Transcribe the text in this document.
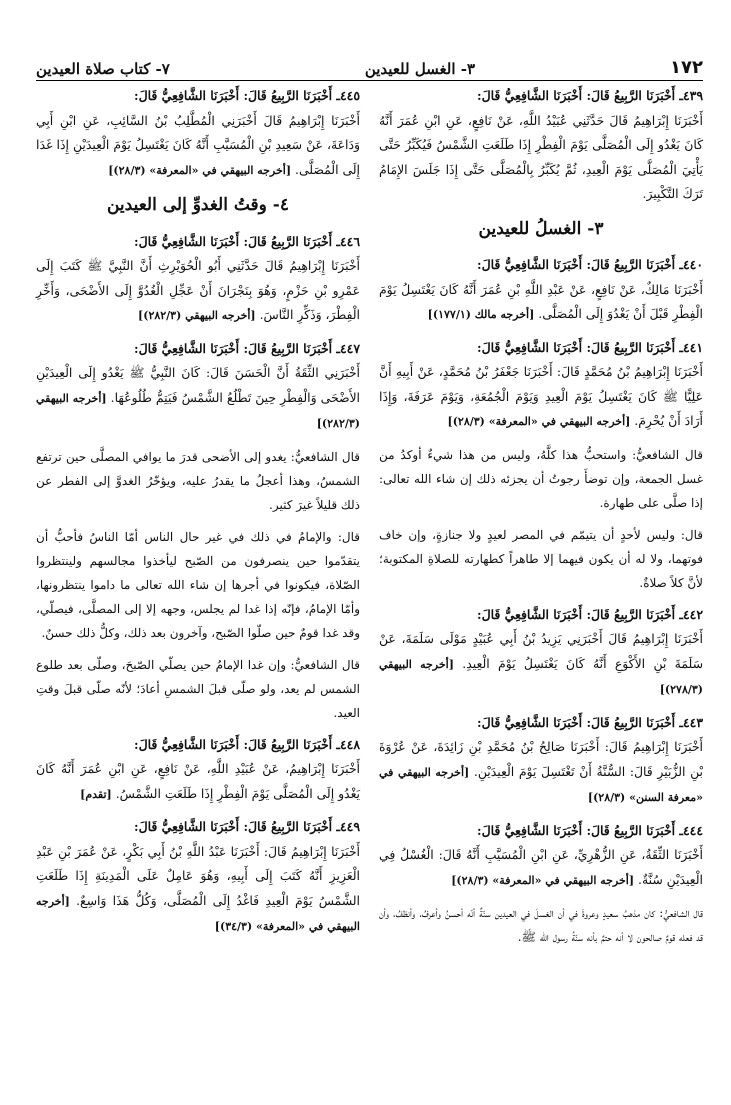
١٧٢
٣- الغسل للعيدين
٧- كتاب صلاة العيدين

٤٣٩ـ أَخْبَرَنَا الرَّبِيعُ قَالَ: أَخْبَرَنَا الشَّافِعِيُّ قَالَ:
أَخْبَرَنَا إِبْرَاهِيمُ قَالَ حَدَّثَنِي عُبَيْدُ اللَّهِ، عَنْ نَافِعٍ، عَنِ ابْنِ عُمَرَ أَنَّهُ كَانَ يَغْدُو إِلَى الْمُصَلَّى يَوْمَ الْفِطْرِ إِذَا طَلَعَتِ الشَّمْسُ فَيُكَبِّرُ حَتَّى يَأْتِيَ الْمُصَلَّى يَوْمَ الْعِيدِ، ثُمَّ يُكَبِّرُ بِالْمُصَلَّى حَتَّى إِذَا جَلَسَ الإِمَامُ تَرَكَ التَّكْبِيرَ.

٣- الغسلُ للعيدين

٤٤٠ـ أَخْبَرَنَا الرَّبِيعُ قَالَ: أَخْبَرَنَا الشَّافِعِيُّ قَالَ:
أَخْبَرَنَا مَالِكٌ، عَنْ نَافِعٍ، عَنْ عَبْدِ اللَّهِ بْنِ عُمَرَ أَنَّهُ كَانَ يَغْتَسِلُ يَوْمَ الْفِطْرِ قَبْلَ أَنْ يَغْدُوَ إِلَى الْمُصَلَّى. [أخرجه مالك (١٧٧/١)]

٤٤١ـ أَخْبَرَنَا الرَّبِيعُ قَالَ: أَخْبَرَنَا الشَّافِعِيُّ قَالَ:
أَخْبَرَنَا إِبْرَاهِيمُ بْنُ مُحَمَّدٍ قَالَ: أَخْبَرَنَا جَعْفَرُ بْنُ مُحَمَّدٍ، عَنْ أَبِيهِ أَنَّ عَلِيًّا ﷺ كَانَ يَغْتَسِلُ يَوْمَ الْعِيدِ وَيَوْمَ الْجُمُعَةِ، وَيَوْمَ عَرَفَةَ، وَإِذَا أَرَادَ أَنْ يُحْرِمَ. [أخرجه البيهقي في «المعرفة» (٢٨/٣)]

قال الشافعيُّ: واستحبُّ هذا كلَّهُ، وليس من هذا شيءٌ أوكدُ من غسل الجمعة، وإن توضأَ رجوتُ أن يجزئه ذلك إن شاء الله تعالى: إذا صلَّى على طهارة.

قال: وليس لأحدٍ أن يتيمّم في المصر لعيدٍ ولا جنازةٍ، وإن خاف فوتهما، ولا له أن يكون فيهما إلا طاهراً كطهارته للصلاةِ المكتوبة؛ لأنَّ كلاً صلاةٌ.

٤٤٢ـ أَخْبَرَنَا الرَّبِيعُ قَالَ: أَخْبَرَنَا الشَّافِعِيُّ قَالَ:
أَخْبَرَنَا إِبْرَاهِيمُ قَالَ أَخْبَرَنِي يَزِيدُ بْنُ أَبِي عُبَيْدٍ مَوْلَى سَلَمَةَ، عَنْ سَلَمَةَ بْنِ الأَكْوَعِ أَنَّهُ كَانَ يَغْتَسِلُ يَوْمَ الْعِيدِ. [أخرجه البيهقي (٢٧٨/٣)]

٤٤٣ـ أَخْبَرَنَا الرَّبِيعُ قَالَ: أَخْبَرَنَا الشَّافِعِيُّ قَالَ:
أَخْبَرَنَا إِبْرَاهِيمُ قَالَ: أَخْبَرَنَا صَالِحُ بْنُ مُحَمَّدِ بْنِ زَائِدَةَ، عَنْ عُرْوَةَ بْنِ الزُّبَيْرِ قَالَ: السُّنَّةُ أَنْ تَغْتَسِلَ يَوْمَ الْعِيدَيْنِ. [أخرجه البيهقي في «معرفة السنن» (٢٨/٣)]

٤٤٤ـ أَخْبَرَنَا الرَّبِيعُ قَالَ: أَخْبَرَنَا الشَّافِعِيُّ قَالَ:
أَخْبَرَنَا الثِّقَةُ، عَنِ الزُّهْرِيِّ، عَنِ ابْنِ الْمُسَيَّبِ أَنَّهُ قَالَ: الْغُسْلُ فِي الْعِيدَيْنِ سُنَّةٌ. [أخرجه البيهقي في «المعرفة» (٢٨/٣)]

قال الشافعيُّ: كان مذهبُ سعيدٍ وعروةَ في أن الغسلَ في العيدين سنّةٌ أنّه أحسنُ وأعرفُ، وأنظفُ، وأن قد فعله قومٌ صالحون لا أنه حتمٌ بأنه سنّةُ رسول الله ﷺ.

٤٤٥ـ أَخْبَرَنَا الرَّبِيعُ قَالَ: أَخْبَرَنَا الشَّافِعِيُّ قَالَ:
أَخْبَرَنَا إِبْرَاهِيمُ قَالَ أَخْبَرَنِي الْمُطَّلِبُ بْنُ السَّائِبِ، عَنِ ابْنِ أَبِي وَدَاعَةَ، عَنْ سَعِيدِ بْنِ الْمُسَيَّبِ أَنَّهُ كَانَ يَغْتَسِلُ يَوْمَ الْعِيدَيْنِ إِذَا غَدَا إِلَى الْمُصَلَّى. [أخرجه البيهقي في «المعرفة» (٢٨/٣)]

٤- وقتُ الغدوِّ إلى العيدين

٤٤٦ـ أَخْبَرَنَا الرَّبِيعُ قَالَ: أَخْبَرَنَا الشَّافِعِيُّ قَالَ:
أَخْبَرَنَا إِبْرَاهِيمُ قَالَ حَدَّثَنِي أَبُو الْحُوَيْرِثِ أَنَّ النَّبِيَّ ﷺ كَتَبَ إِلَى عَمْرِو بْنِ حَزْمٍ، وَهُوَ بِنَجْرَانَ أَنْ عَجِّلِ الْغُدُوَّ إِلَى الأَضْحَى، وَأَخِّرِ الْفِطْرَ، وَذَكِّرِ النَّاسَ. [أخرجه البيهقي (٢٨٢/٣)]

٤٤٧ـ أَخْبَرَنَا الرَّبِيعُ قَالَ: أَخْبَرَنَا الشَّافِعِيُّ قَالَ:
أَخْبَرَنِي الثِّقَةُ أَنَّ الْحَسَنَ قَالَ: كَانَ النَّبِيُّ ﷺ يَغْدُو إِلَى الْعِيدَيْنِ الأَضْحَى وَالْفِطْرِ حِينَ تَطْلُعُ الشَّمْسُ فَيَتِمُّ طُلُوعُهَا. [أخرجه البيهقي (٢٨٢/٣)]

قال الشافعيُّ: يغدو إلى الأضحى قدرَ ما يوافي المصلَّى حين ترتفع الشمسُ، وهذا أعجلُ ما يقدرُ عليه، ويؤخّرُ الغدوَّ إلى الفطر عن ذلك قليلاً غيرَ كثير.

قال: والإمامُ في ذلك في غير حال الناس أمّا الناسُ فأحبُّ أن يتقدّموا حين ينصرفون من الصّبح ليأخذوا مجالسهم ولينتظروا الصّلاة، فيكونوا في أجرها إن شاء الله تعالى ما داموا ينتظرونها، وأمّا الإمامُ، فإنّه إذا غدا لم يجلس، وجهه إلا إلى المصلَّى، فيصلّي، وقد غدا قومٌ حين صلّوا الصّبح، وآخرون بعد ذلك، وكلُّ ذلك حسنٌ.

قال الشافعيُّ: وإن غدا الإمامُ حين يصلّي الصّبحَ، وصلّى بعد طلوع الشمس لم يعد، ولو صلّى قبلَ الشمسِ أعادَ؛ لأنّه صلّى قبلَ وقتِ العيد.

٤٤٨ـ أَخْبَرَنَا الرَّبِيعُ قَالَ: أَخْبَرَنَا الشَّافِعِيُّ قَالَ:
أَخْبَرَنَا إِبْرَاهِيمُ، عَنْ عُبَيْدِ اللَّهِ، عَنْ نَافِعٍ، عَنِ ابْنِ عُمَرَ أَنَّهُ كَانَ يَغْدُو إِلَى الْمُصَلَّى يَوْمَ الْفِطْرِ إِذَا طَلَعَتِ الشَّمْسُ. [تقدم]

٤٤٩ـ أَخْبَرَنَا الرَّبِيعُ قَالَ: أَخْبَرَنَا الشَّافِعِيُّ قَالَ:
أَخْبَرَنَا إِبْرَاهِيمُ قَالَ: أَخْبَرَنَا عَبْدُ اللَّهِ بْنُ أَبِي بَكْرٍ، عَنْ عُمَرَ بْنِ عَبْدِ الْعَزِيزِ أَنَّهُ كَتَبَ إِلَى أَبِيهِ، وَهُوَ عَامِلٌ عَلَى الْمَدِينَةِ إِذَا طَلَعَتِ الشَّمْسُ يَوْمَ الْعِيدِ فَاغْدُ إِلَى الْمُصَلَّى، وَكُلُّ هَذَا وَاسِعٌ. [أخرجه البيهقي في «المعرفة» (٣٤/٣)]
